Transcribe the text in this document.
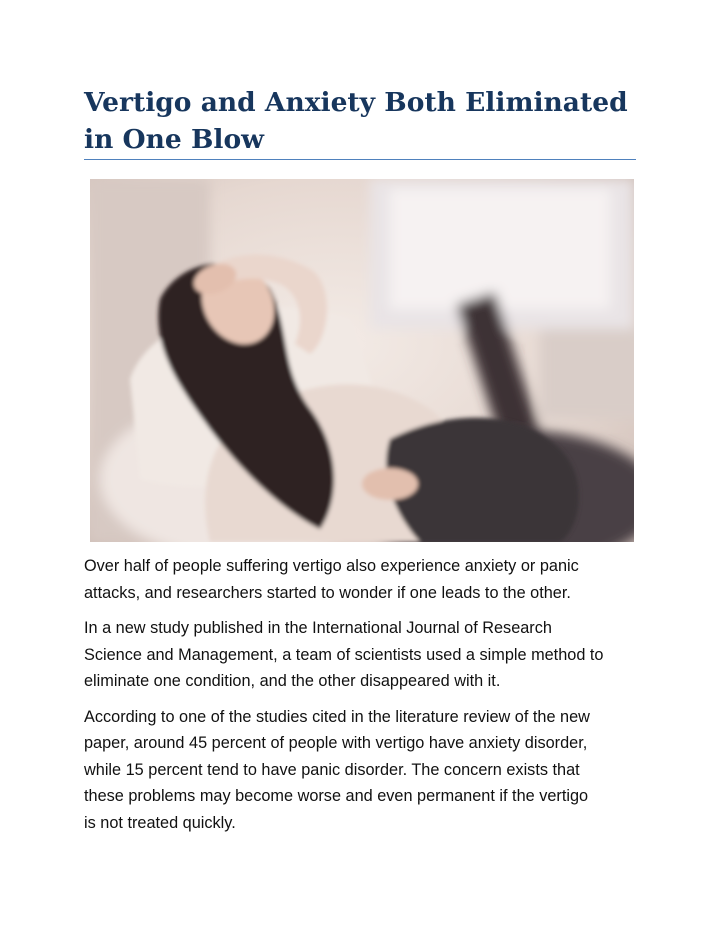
Vertigo and Anxiety Both Eliminated
in One Blow

Over half of people suffering vertigo also experience anxiety or panic
attacks, and researchers started to wonder if one leads to the other.

In a new study published in the International Journal of Research
Science and Management, a team of scientists used a simple method to
eliminate one condition, and the other disappeared with it.

According to one of the studies cited in the literature review of the new
paper, around 45 percent of people with vertigo have anxiety disorder,
while 15 percent tend to have panic disorder. The concern exists that
these problems may become worse and even permanent if the vertigo
is not treated quickly.
